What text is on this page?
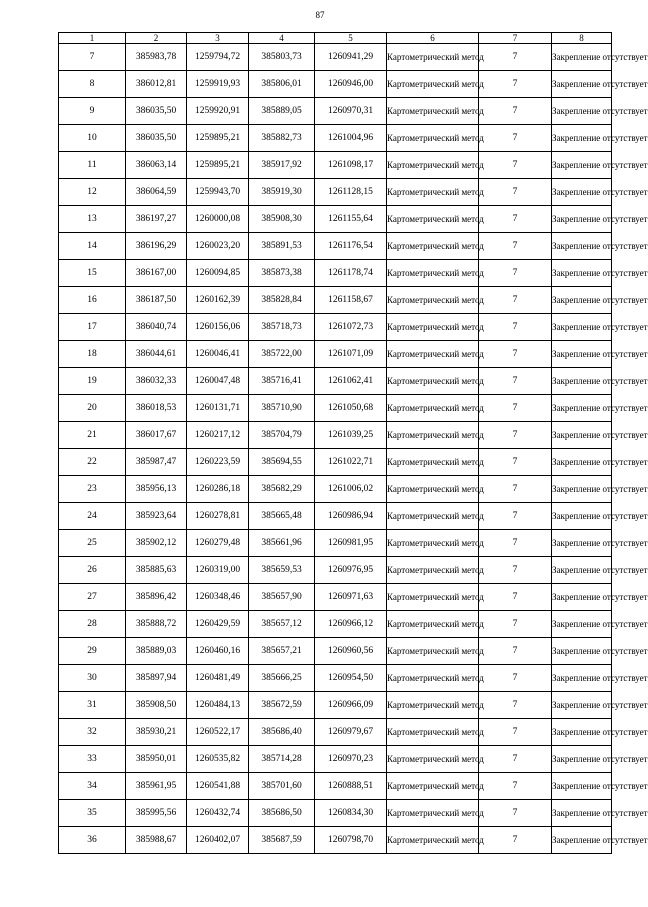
87
1	2	3	4	5	6	7	8
7	385983,78	1259794,72	385803,73	1260941,29	Картометрический метод	7	Закрепление отсутствует
8	386012,81	1259919,93	385806,01	1260946,00	Картометрический метод	7	Закрепление отсутствует
9	386035,50	1259920,91	385889,05	1260970,31	Картометрический метод	7	Закрепление отсутствует
10	386035,50	1259895,21	385882,73	1261004,96	Картометрический метод	7	Закрепление отсутствует
11	386063,14	1259895,21	385917,92	1261098,17	Картометрический метод	7	Закрепление отсутствует
12	386064,59	1259943,70	385919,30	1261128,15	Картометрический метод	7	Закрепление отсутствует
13	386197,27	1260000,08	385908,30	1261155,64	Картометрический метод	7	Закрепление отсутствует
14	386196,29	1260023,20	385891,53	1261176,54	Картометрический метод	7	Закрепление отсутствует
15	386167,00	1260094,85	385873,38	1261178,74	Картометрический метод	7	Закрепление отсутствует
16	386187,50	1260162,39	385828,84	1261158,67	Картометрический метод	7	Закрепление отсутствует
17	386040,74	1260156,06	385718,73	1261072,73	Картометрический метод	7	Закрепление отсутствует
18	386044,61	1260046,41	385722,00	1261071,09	Картометрический метод	7	Закрепление отсутствует
19	386032,33	1260047,48	385716,41	1261062,41	Картометрический метод	7	Закрепление отсутствует
20	386018,53	1260131,71	385710,90	1261050,68	Картометрический метод	7	Закрепление отсутствует
21	386017,67	1260217,12	385704,79	1261039,25	Картометрический метод	7	Закрепление отсутствует
22	385987,47	1260223,59	385694,55	1261022,71	Картометрический метод	7	Закрепление отсутствует
23	385956,13	1260286,18	385682,29	1261006,02	Картометрический метод	7	Закрепление отсутствует
24	385923,64	1260278,81	385665,48	1260986,94	Картометрический метод	7	Закрепление отсутствует
25	385902,12	1260279,48	385661,96	1260981,95	Картометрический метод	7	Закрепление отсутствует
26	385885,63	1260319,00	385659,53	1260976,95	Картометрический метод	7	Закрепление отсутствует
27	385896,42	1260348,46	385657,90	1260971,63	Картометрический метод	7	Закрепление отсутствует
28	385888,72	1260429,59	385657,12	1260966,12	Картометрический метод	7	Закрепление отсутствует
29	385889,03	1260460,16	385657,21	1260960,56	Картометрический метод	7	Закрепление отсутствует
30	385897,94	1260481,49	385666,25	1260954,50	Картометрический метод	7	Закрепление отсутствует
31	385908,50	1260484,13	385672,59	1260966,09	Картометрический метод	7	Закрепление отсутствует
32	385930,21	1260522,17	385686,40	1260979,67	Картометрический метод	7	Закрепление отсутствует
33	385950,01	1260535,82	385714,28	1260970,23	Картометрический метод	7	Закрепление отсутствует
34	385961,95	1260541,88	385701,60	1260888,51	Картометрический метод	7	Закрепление отсутствует
35	385995,56	1260432,74	385686,50	1260834,30	Картометрический метод	7	Закрепление отсутствует
36	385988,67	1260402,07	385687,59	1260798,70	Картометрический метод	7	Закрепление отсутствует
